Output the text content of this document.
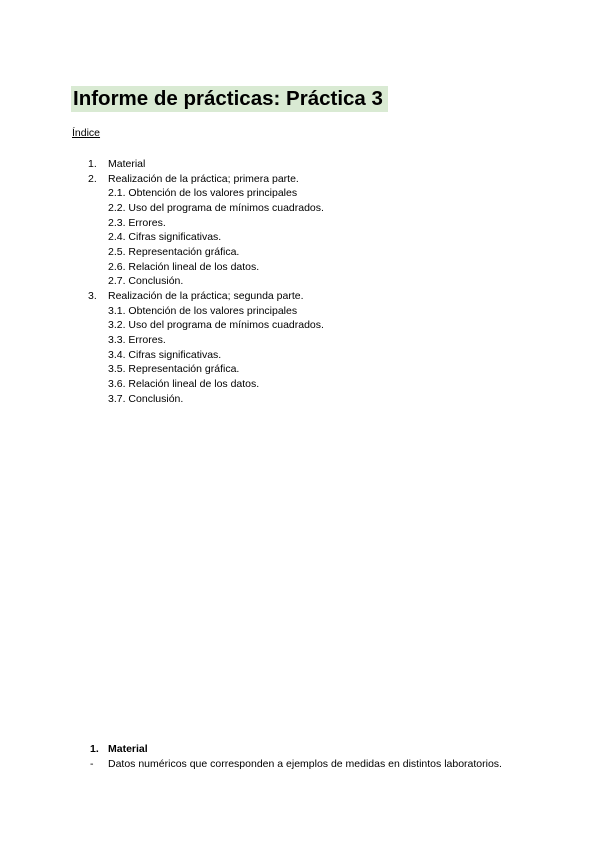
Informe de prácticas: Práctica 3
Índice
1.	Material
2.	Realización de la práctica; primera parte.
2.1. Obtención de los valores principales
2.2. Uso del programa de mínimos cuadrados.
2.3. Errores.
2.4. Cifras significativas.
2.5. Representación gráfica.
2.6. Relación lineal de los datos.
2.7. Conclusión.
3.	Realización de la práctica; segunda parte.
3.1. Obtención de los valores principales
3.2. Uso del programa de mínimos cuadrados.
3.3. Errores.
3.4. Cifras significativas.
3.5. Representación gráfica.
3.6. Relación lineal de los datos.
3.7. Conclusión.
1. Material
-	Datos numéricos que corresponden a ejemplos de medidas en distintos laboratorios.
